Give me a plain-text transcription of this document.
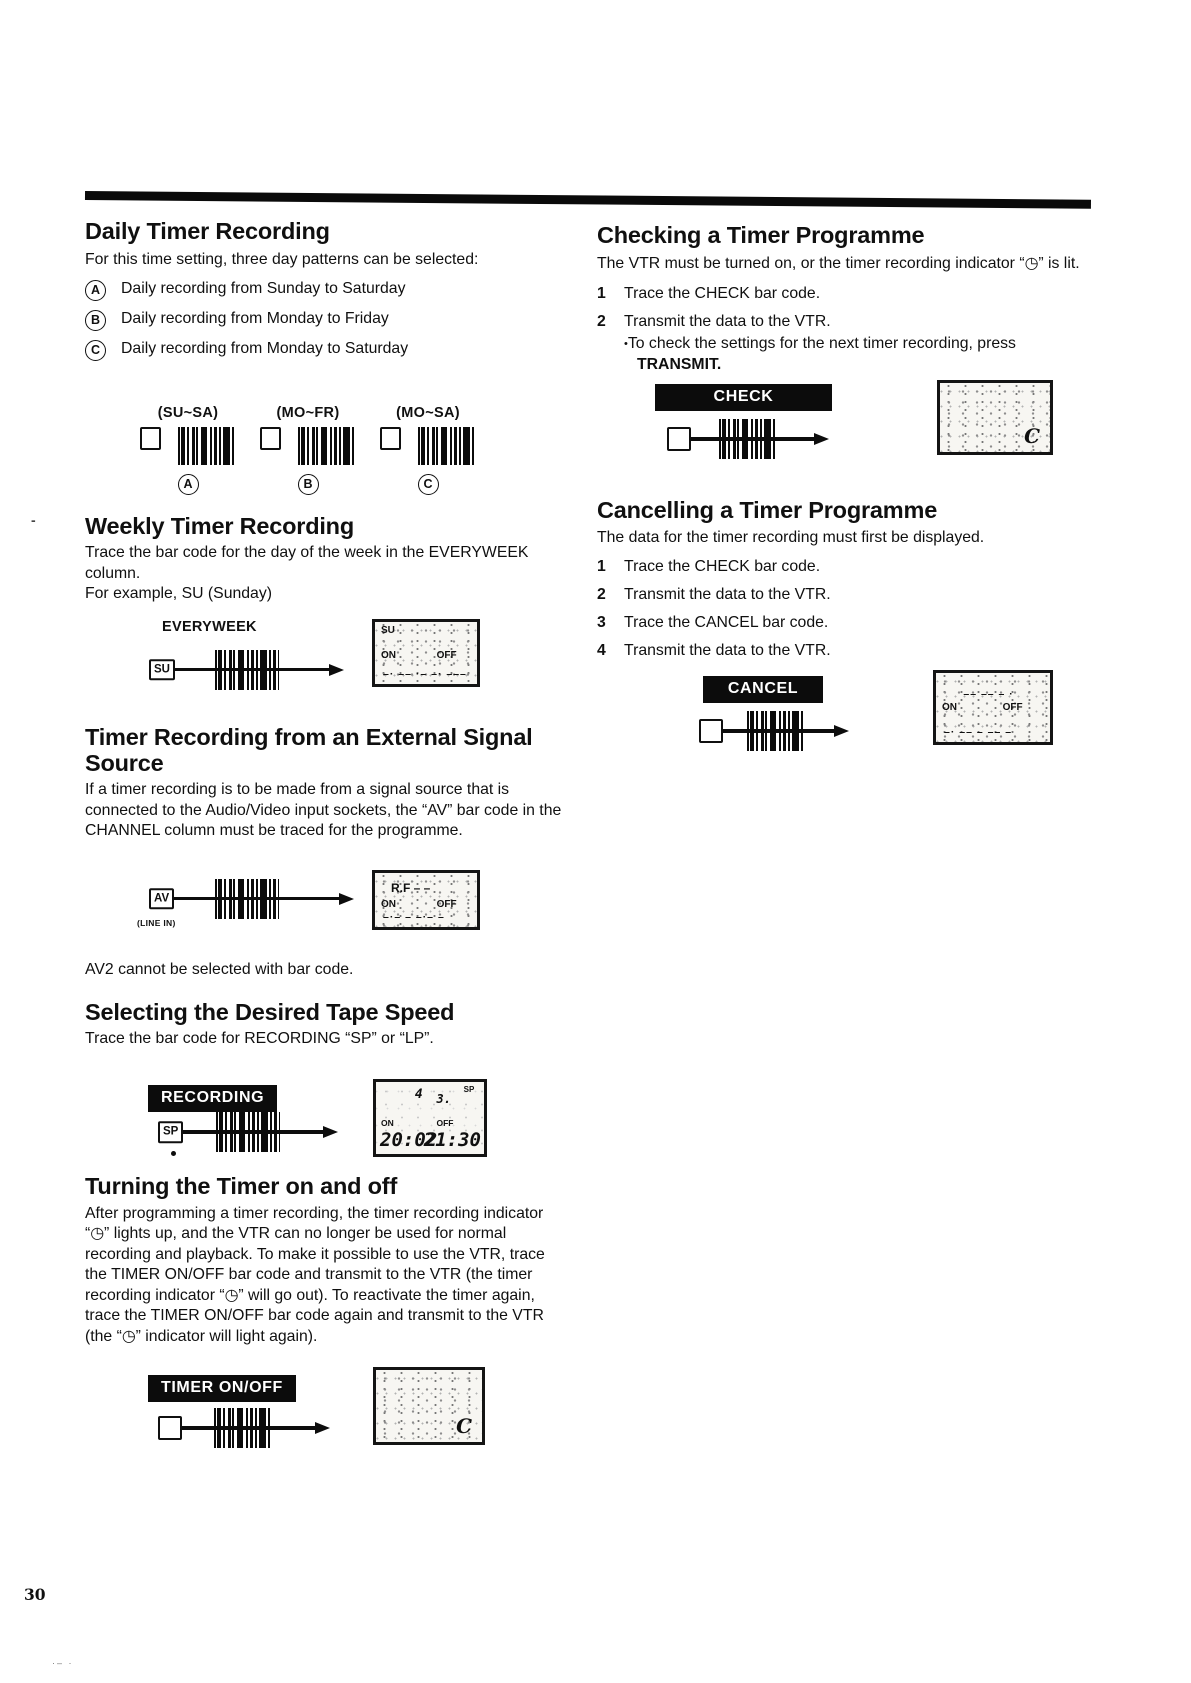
Daily Timer Recording

For this time setting, three day patterns can be selected:

A	Daily recording from Sunday to Saturday
B	Daily recording from Monday to Friday
C	Daily recording from Monday to Saturday
(SU~SA)
A
(MO~FR)
B
(MO~SA)
C
Weekly Timer Recording

Trace the bar code for the day of the week in the EVERYWEEK column.

For example, SU (Sunday)

EVERYWEEK
SU
SU
ON	OFF
–· –– ·– –· –––
Timer Recording from an External Signal Source

If a timer recording is to be made from a signal source that is connected to the Audio/Video input sockets, the “AV” bar code in the CHANNEL column must be traced for the programme.

AV
(LINE IN)
R.F – –
ON	OFF
–·– – –·– –

AV2 cannot be selected with bar code.

Selecting the Desired Tape Speed

Trace the bar code for RECORDING “SP” or “LP”.

RECORDING
SP
4 3.
SP
ON	OFF
20:02
21:30
Turning the Timer on and off

After programming a timer recording, the timer recording indicator “◷” lights up, and the VTR can no longer be used for normal recording and playback. To make it possible to use the VTR, trace the TIMER ON/OFF bar code and transmit to the VTR (the timer recording indicator “◷” will go out). To reactivate the timer again, trace the TIMER ON/OFF bar code again and transmit to the VTR (the “◷” indicator will light again).

TIMER ON/OFF
C
Checking a Timer Programme

The VTR must be turned on, or the timer recording indicator “◷” is lit.

1	Trace the CHECK bar code.
2	Transmit the data to the VTR.
•To check the settings for the next timer recording, press
TRANSMIT.
CHECK
C
Cancelling a Timer Programme

The data for the timer recording must first be displayed.

1	Trace the CHECK bar code.
2	Transmit the data to the VTR.
3	Trace the CANCEL bar code.
4	Transmit the data to the VTR.
CANCEL	–– –– – ·
ON	OFF
–· –– – –– –
30
-
·– ·
